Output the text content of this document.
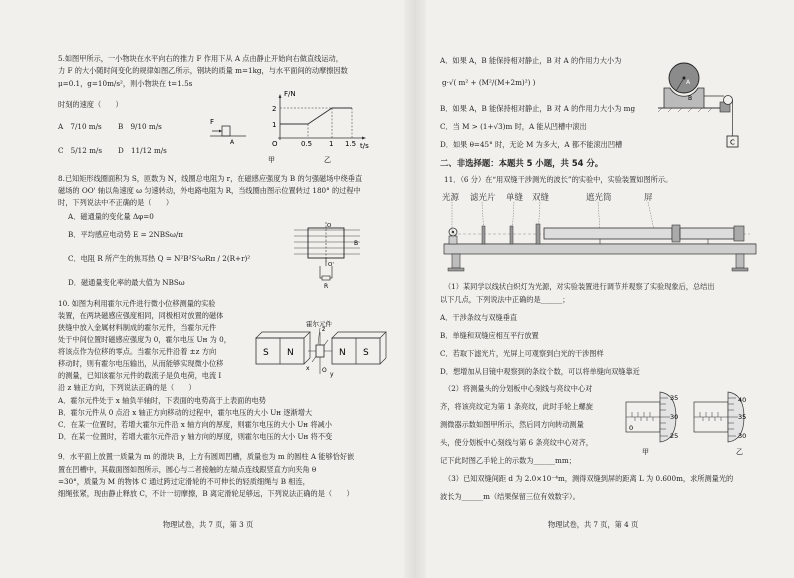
5.如图甲所示，一小物块在水平向右的推力 F 作用下从 A 点由静止开始向右做直线运动，
力 F 的大小随时间变化的规律如图乙所示，钢块的质量 m=1kg，与水平面间的动摩擦因数
μ=0.1，g=10m/s²，则小物块在 t=1.5s
时刻的速度（　　）
A　7/10 m/s B　9/10 m/s
C　5/12 m/s D　11/12 m/s
F
A
甲
F/N
2
1
O	0.5 1 1.5 t/s
乙
8.已知矩形线圈面积为 S，匝数为 N，线圈总电阻为 r，在磁感应强度为 B 的匀强磁场中绕垂直
磁场的 OO' 轴以角速度 ω 匀速转动，外电路电阻为 R，当线圈由图示位置转过 180° 的过程中
时，下列说法中不正确的是（　　）
A．磁通量的变化量 Δφ=0
B．平均感应电动势 E = 2NBSω/π
C．电阻 R 所产生的焦耳热 Q = N²B²S²ωRπ / 2(R+r)²
D．磁通量变化率的最大值为 NBSω
O
B
O'
R
10. 如图为利用霍尔元件进行微小位移测量的实验
装置，在两块磁感应强度相同，同极相对放置的磁体
狭缝中放入金属材料制成的霍尔元件，当霍尔元件
处于中间位置时磁感应强度为 0，霍尔电压 Uн 为 0，
将该点作为位移的零点。当霍尔元件沿着 ±z 方向
移动时，则有霍尔电压输出，从而能够实现微小位移
的测量，已知该霍尔元件的载流子是负电荷，电流 I
沿 z 轴正方向，下列说法正确的是（　　）
A．霍尔元件处于 x 轴负半轴时，下表面的电势高于上表面的电势
B．霍尔元件从 0 点沿 x 轴正方向移动的过程中，霍尔电压的大小 Uн 逐渐增大
C．在某一位置时，若增大霍尔元件沿 x 轴方向的厚度，则霍尔电压的大小 Uн 将减小
D．在某一位置时，若增大霍尔元件沿 y 轴方向的厚度，则霍尔电压的大小 Uн 将不变
霍尔元件
S N	N S
z
x O
y
9．水平面上放置一质量为 m 的滑块 B，上方有圆周凹槽，质量也为 m 的圆柱 A 能够恰好嵌
置在凹槽中，其截面图如图所示，圆心与二者接触的左端点连线跟竖直方向夹角 θ
=30°，质量为 M 的物体 C 通过跨过定滑轮的不可伸长的轻质细绳与 B 相连，
细绳张紧，现由静止释放 C，不计一切摩擦，B 离定滑轮足够远，下列说法正确的是（　　）
物理试卷，共 7 页，第 3 页
A．如果 A，B 能保持相对静止，B 对 A 的作用力大小为
g·√( m² + (M²/(M+2m)²) )
B．如果 A，B 能保持相对静止，B 对 A 的作用力大小为 mg
C．当 M > (1+√3)m 时，A 能从凹槽中滚出
D．如果 θ=45° 时，无论 M 为多大，A 都不能滚出凹槽
A
B
C
二、非选择题：本题共 5 小题，共 54 分。
11．（6 分）在“用双缝干涉测光的波长”的实验中，实验装置如图所示。
光源 滤光片 单缝 双缝	遮光筒	屏
（1）某同学以线状白炽灯为光源，对实验装置进行调节并观察了实验现象后，总结出
以下几点，下列说法中正确的是______；
A．干涉条纹与双缝垂直
B．单缝和双缝应相互平行放置
C．若取下滤光片，光屏上可观察到白光的干涉图样
D．想增加从目镜中观察到的条纹个数，可以将单缝向双缝靠近
（2）将测量头的分划板中心刻线与亮纹中心对
齐，将该亮纹定为第 1 条亮纹，此时手轮上螺旋
测微器示数如图甲所示，然后同方向转动测量
头，使分划板中心刻线与第 6 条亮纹中心对齐，
记下此时图乙手轮上的示数为______mm；
（3）已知双缝间距 d 为 2.0×10⁻⁴m，测得双缝到屏的距离 L 为 0.600m，求所测量光的
波长为______m（结果保留三位有效数字）。
35
30
25
0
甲
40
35
30
乙
物理试卷，共 7 页，第 4 页
